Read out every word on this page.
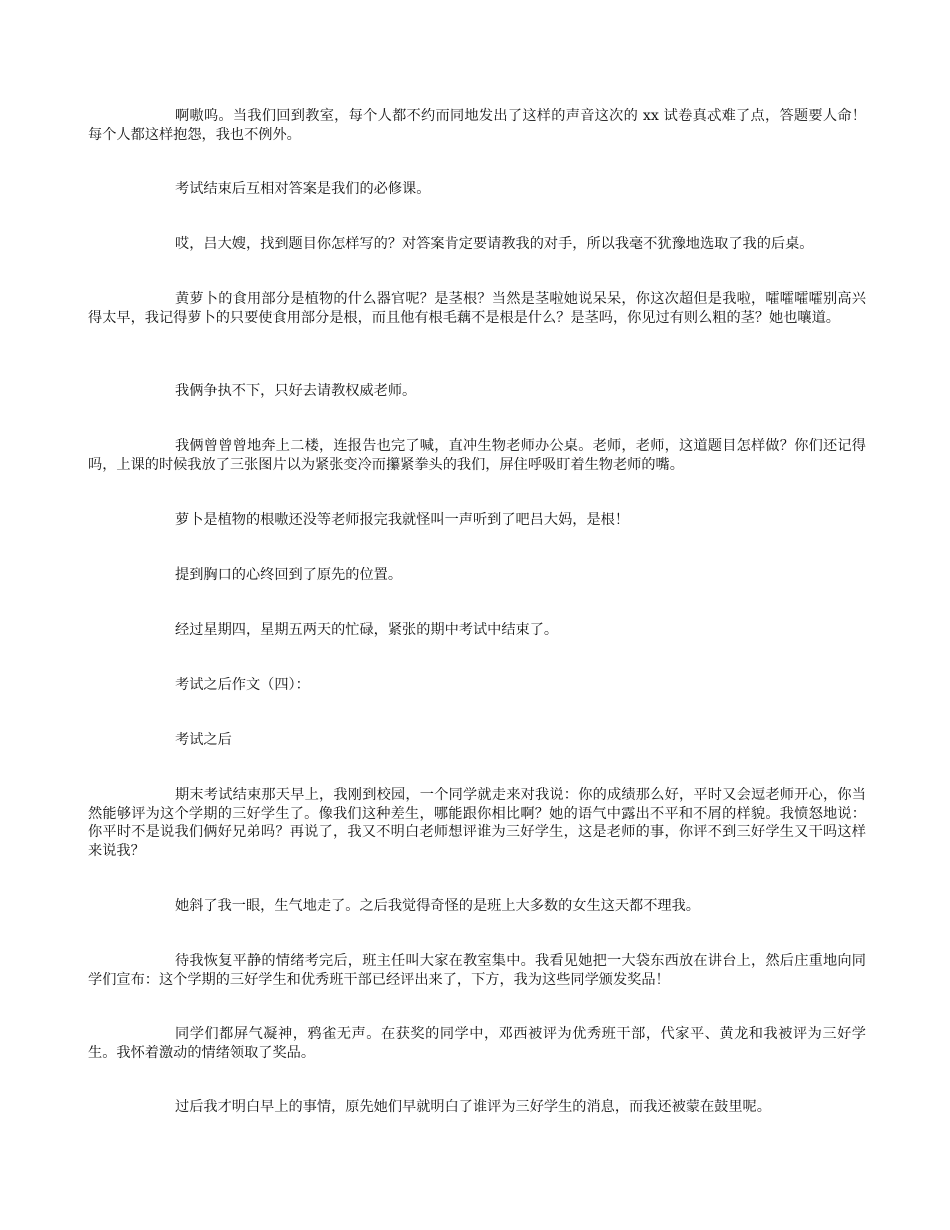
啊嗷呜。当我们回到教室，每个人都不约而同地发出了这样的声音这次的 xx 试卷真忒难了点，答题要人命！每个人都这样抱怨，我也不例外。

考试结束后互相对答案是我们的必修课。

哎，吕大嫂，找到题目你怎样写的？对答案肯定要请教我的对手，所以我毫不犹豫地选取了我的后桌。

黄萝卜的食用部分是植物的什么器官呢？是茎根？当然是茎啦她说呆呆，你这次超但是我啦，嚯嚯嚯嚯别高兴得太早，我记得萝卜的只要使食用部分是根，而且他有根毛藕不是根是什么？是茎吗，你见过有则么粗的茎？她也嚷道。

我俩争执不下，只好去请教权威老师。

我俩曾曾曾地奔上二楼，连报告也完了喊，直冲生物老师办公桌。老师，老师，这道题目怎样做？你们还记得吗，上课的时候我放了三张图片以为紧张变冷而攥紧拳头的我们，屏住呼吸盯着生物老师的嘴。

萝卜是植物的根嗷还没等老师报完我就怪叫一声听到了吧吕大妈，是根！

提到胸口的心终回到了原先的位置。

经过星期四，星期五两天的忙碌，紧张的期中考试中结束了。

考试之后作文（四）：

考试之后

期末考试结束那天早上，我刚到校园，一个同学就走来对我说：你的成绩那么好，平时又会逗老师开心，你当然能够评为这个学期的三好学生了。像我们这种差生，哪能跟你相比啊？她的语气中露出不平和不屑的样貌。我愤怒地说：你平时不是说我们俩好兄弟吗？再说了，我又不明白老师想评谁为三好学生，这是老师的事，你评不到三好学生又干吗这样来说我？

她斜了我一眼，生气地走了。之后我觉得奇怪的是班上大多数的女生这天都不理我。

待我恢复平静的情绪考完后，班主任叫大家在教室集中。我看见她把一大袋东西放在讲台上，然后庄重地向同学们宣布：这个学期的三好学生和优秀班干部已经评出来了，下方，我为这些同学颁发奖品！

同学们都屏气凝神，鸦雀无声。在获奖的同学中，邓西被评为优秀班干部，代家平、黄龙和我被评为三好学生。我怀着激动的情绪领取了奖品。

过后我才明白早上的事情，原先她们早就明白了谁评为三好学生的消息，而我还被蒙在鼓里呢。
